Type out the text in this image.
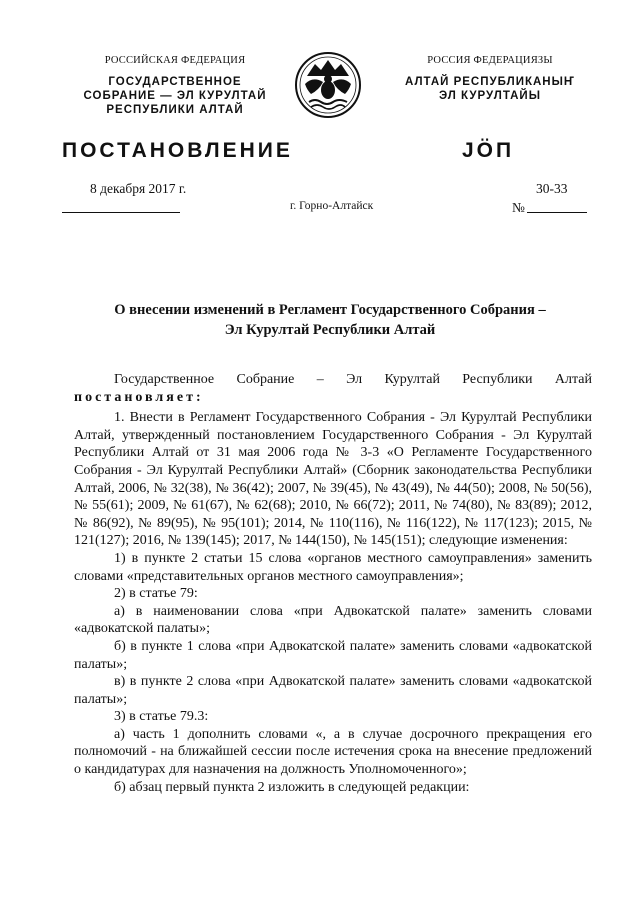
РОССИЙСКАЯ ФЕДЕРАЦИЯ
ГОСУДАРСТВЕННОЕ
СОБРАНИЕ — ЭЛ КУРУЛТАЙ
РЕСПУБЛИКИ АЛТАЙ
РОССИЯ ФЕДЕРАЦИЯЗЫ
АЛТАЙ РЕСПУБЛИКАНЫҤ
ЭЛ КУРУЛТАЙЫ
ПОСТАНОВЛЕНИЕ	JÖП
8 декабря 2017 г.	30-33
№
г. Горно-Алтайск
О внесении изменений в Регламент Государственного Собрания –
Эл Курултай Республики Алтай

Государственное Собрание – Эл Курултай Республики Алтай

постановляет:

1. Внести в Регламент Государственного Собрания - Эл Курултай Республики Алтай, утвержденный постановлением Государственного Собрания - Эл Курултай Республики Алтай от 31 мая 2006 года № 3-3 «О Регламенте Государственного Собрания - Эл Курултай Республики Алтай» (Сборник законодательства Республики Алтай, 2006, № 32(38), № 36(42); 2007, № 39(45), № 43(49), № 44(50); 2008, № 50(56), № 55(61); 2009, № 61(67), № 62(68); 2010, № 66(72); 2011, № 74(80), № 83(89); 2012, № 86(92), № 89(95), № 95(101); 2014, № 110(116), № 116(122), № 117(123); 2015, № 121(127); 2016, № 139(145); 2017, № 144(150), № 145(151); следующие изменения:

1) в пункте 2 статьи 15 слова «органов местного самоуправления» заменить словами «представительных органов местного самоуправления»;

2) в статье 79:

а) в наименовании слова «при Адвокатской палате» заменить словами «адвокатской палаты»;

б) в пункте 1 слова «при Адвокатской палате» заменить словами «адвокатской палаты»;

в) в пункте 2 слова «при Адвокатской палате» заменить словами «адвокатской палаты»;

3) в статье 79.3:

а) часть 1 дополнить словами «, а в случае досрочного прекращения его полномочий - на ближайшей сессии после истечения срока на внесение предложений о кандидатурах для назначения на должность Уполномоченного»;

б) абзац первый пункта 2 изложить в следующей редакции:
